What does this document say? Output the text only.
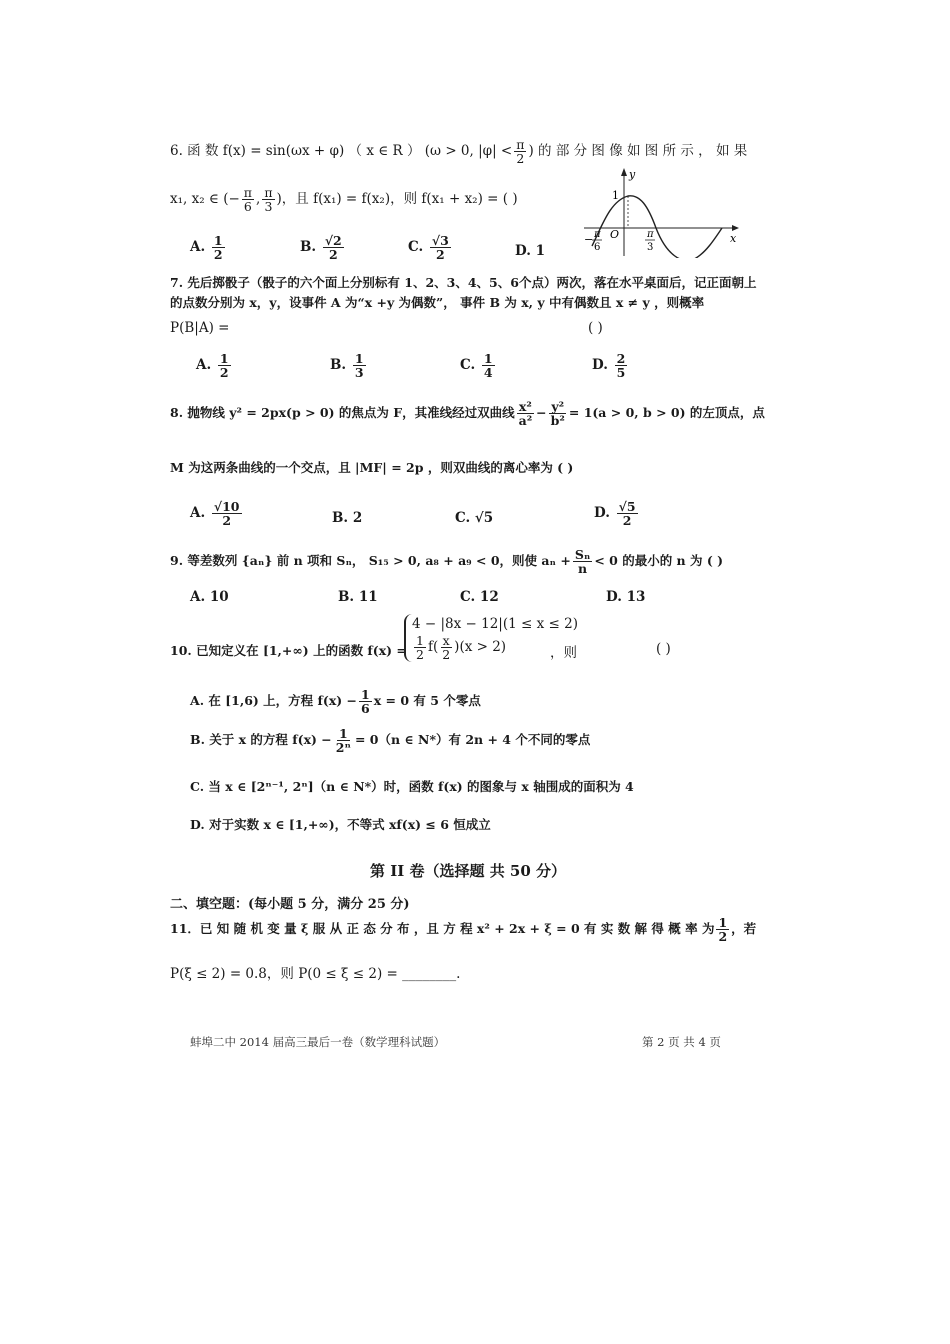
6. 函 数 f(x) = sin(ωx + φ) （ x ∈ R ） (ω > 0, $|\varphi| < \frac{\pi}{2}$ ) 的 部 分 图 像 如 图 所 示 ， 如 果
x₁, x₂ ∈ (− $\frac{\pi}{6}$ , $\frac{\pi}{3}$ )，且 f(x₁) = f(x₂)，则 f(x₁ + x₂) = ( )
y
x
1
O
− π
6
π
3
A. $\frac{1}{2}$	B. $\frac{√2}{2}$	C. $\frac{√3}{2}$	D. 1
7. 先后掷骰子（骰子的六个面上分别标有 1、2、3、4、5、6个点）两次，落在水平桌面后，记正面朝上
的点数分别为 x，y，设事件 A 为“x +y 为偶数”， 事件 B 为 x, y 中有偶数且 x ≠ y ，则概率
P(B|A) =	( )
A. $\frac{1}{2}$	B. $\frac{1}{3}$	C. $\frac{1}{4}$	D. $\frac{2}{5}$
8. 抛物线 y² = 2px(p > 0) 的焦点为 F，其准线经过双曲线 $\frac{\text{x²}}{\text{a²}} - \frac{\text{y²}}{\text{b²}} = 1(a > 0$, b > 0) 的左顶点，点
M 为这两条曲线的一个交点，且 |MF| = 2p ，则双曲线的离心率为 ( )
A. $\frac{√10}{2}$	B. 2	C. √5	D. $\frac{√5}{2}$
9. 等差数列 {aₙ} 前 n 项和 Sₙ， S₁₅ > 0, a₈ + a₉ < 0，则使 $a_n + \frac{\text{Sₙ}}{n} < 0$ 的最小的 n 为 ( )
A. 10	B. 11	C. 12	D. 13
10. 已知定义在 [1,+∞) 上的函数 f(x) =
4 − |8x − 12|(1 ≤ x ≤ 2)
$\frac{1}{2} f( \frac{x}{2} )(x > 2)$	，则	( )
A. 在 [1,6) 上，方程 $f(x) - \frac{1}{6}$ x = 0 有 5 个零点
B. 关于 x 的方程 $f(x) - \frac{1}{\text{2ⁿ}} = 0(n$ ∈ N*）有 2n + 4 个不同的零点
C. 当 x ∈ [2ⁿ⁻¹, 2ⁿ]（n ∈ N*）时，函数 f(x) 的图象与 x 轴围成的面积为 4
D. 对于实数 x ∈ [1,+∞)，不等式 xf(x) ≤ 6 恒成立
第 II 卷（选择题 共 50 分）
二、填空题：(每小题 5 分，满分 25 分)
11．已 知 随 机 变 量 ξ 服 从 正 态 分 布 ，且 方 程 x² + 2x + ξ = 0 有 实 数 解 得 概 率 为 $\frac{1}{2}$ ，若
P(ξ ≤ 2) = 0.8，则 P(0 ≤ ξ ≤ 2) = ________.
蚌埠二中 2014 届高三最后一卷（数学理科试题）	第 2 页 共 4 页
